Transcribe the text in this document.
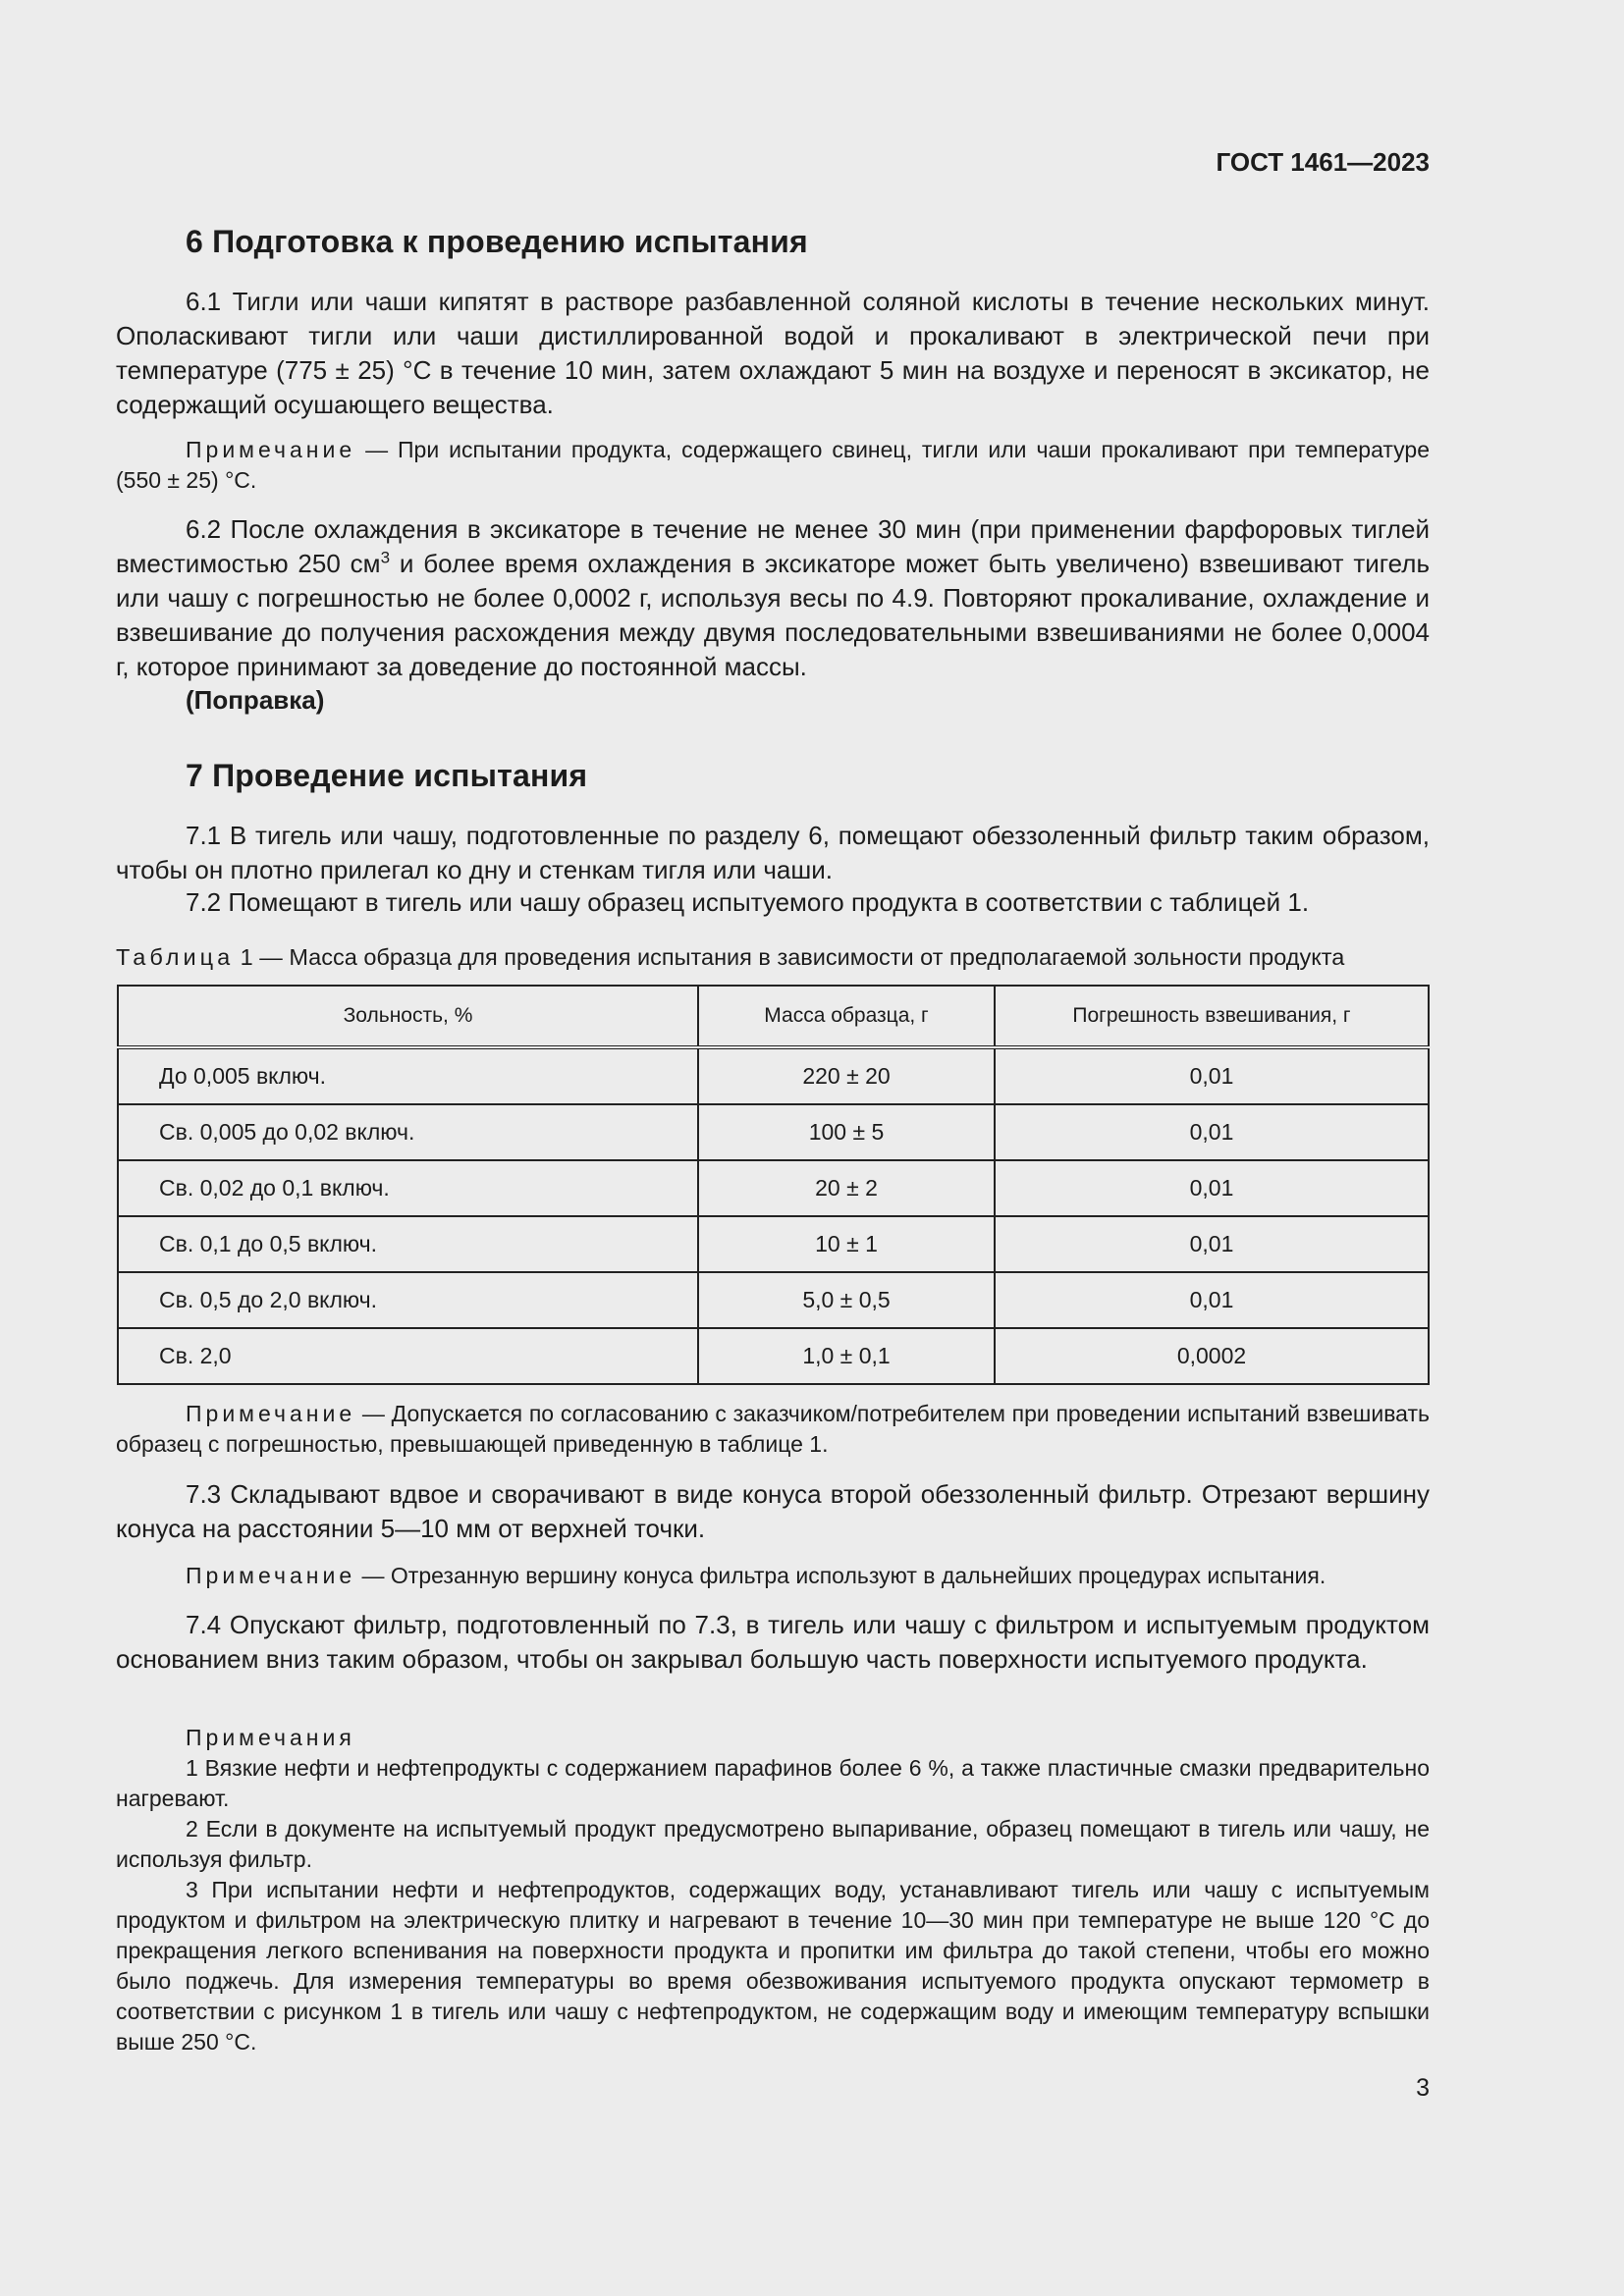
ГОСТ 1461—2023
6 Подготовка к проведению испытания
6.1 Тигли или чаши кипятят в растворе разбавленной соляной кислоты в течение нескольких минут. Ополаскивают тигли или чаши дистиллированной водой и прокаливают в электрической печи при температуре (775 ± 25) °С в течение 10 мин, затем охлаждают 5 мин на воздухе и переносят в эксикатор, не содержащий осушающего вещества.
Примечание — При испытании продукта, содержащего свинец, тигли или чаши прокаливают при температуре (550 ± 25) °С.
6.2 После охлаждения в эксикаторе в течение не менее 30 мин (при применении фарфоровых тиглей вместимостью 250 $см^3$ и более время охлаждения в эксикаторе может быть увеличено) взвешивают тигель или чашу с погрешностью не более 0,0002 г, используя весы по 4.9. Повторяют прокаливание, охлаждение и взвешивание до получения расхождения между двумя последовательными взвешиваниями не более 0,0004 г, которое принимают за доведение до постоянной массы.
(Поправка)
7 Проведение испытания
7.1 В тигель или чашу, подготовленные по разделу 6, помещают обеззоленный фильтр таким образом, чтобы он плотно прилегал ко дну и стенкам тигля или чаши.
7.2 Помещают в тигель или чашу образец испытуемого продукта в соответствии с таблицей 1.
Таблица 1 — Масса образца для проведения испытания в зависимости от предполагаемой зольности продукта
Зольность, %	Масса образца, г	Погрешность взвешивания, г
До 0,005 включ.	220 ± 20	0,01
Св. 0,005 до 0,02 включ.	100 ± 5	0,01
Св. 0,02 до 0,1 включ.	20 ± 2	0,01
Св. 0,1 до 0,5 включ.	10 ± 1	0,01
Св. 0,5 до 2,0 включ.	5,0 ± 0,5	0,01
Св. 2,0	1,0 ± 0,1	0,0002
Примечание — Допускается по согласованию с заказчиком/потребителем при проведении испытаний взвешивать образец с погрешностью, превышающей приведенную в таблице 1.
7.3 Складывают вдвое и сворачивают в виде конуса второй обеззоленный фильтр. Отрезают вершину конуса на расстоянии 5—10 мм от верхней точки.
Примечание — Отрезанную вершину конуса фильтра используют в дальнейших процедурах испытания.
7.4 Опускают фильтр, подготовленный по 7.3, в тигель или чашу с фильтром и испытуемым продуктом основанием вниз таким образом, чтобы он закрывал большую часть поверхности испытуемого продукта.
Примечания
1 Вязкие нефти и нефтепродукты с содержанием парафинов более 6 %, а также пластичные смазки предварительно нагревают.
2 Если в документе на испытуемый продукт предусмотрено выпаривание, образец помещают в тигель или чашу, не используя фильтр.
3 При испытании нефти и нефтепродуктов, содержащих воду, устанавливают тигель или чашу с испытуемым продуктом и фильтром на электрическую плитку и нагревают в течение 10—30 мин при температуре не выше 120 °С до прекращения легкого вспенивания на поверхности продукта и пропитки им фильтра до такой степени, чтобы его можно было поджечь. Для измерения температуры во время обезвоживания испытуемого продукта опускают термометр в соответствии с рисунком 1 в тигель или чашу с нефтепродуктом, не содержащим воду и имеющим температуру вспышки выше 250 °С.
3
